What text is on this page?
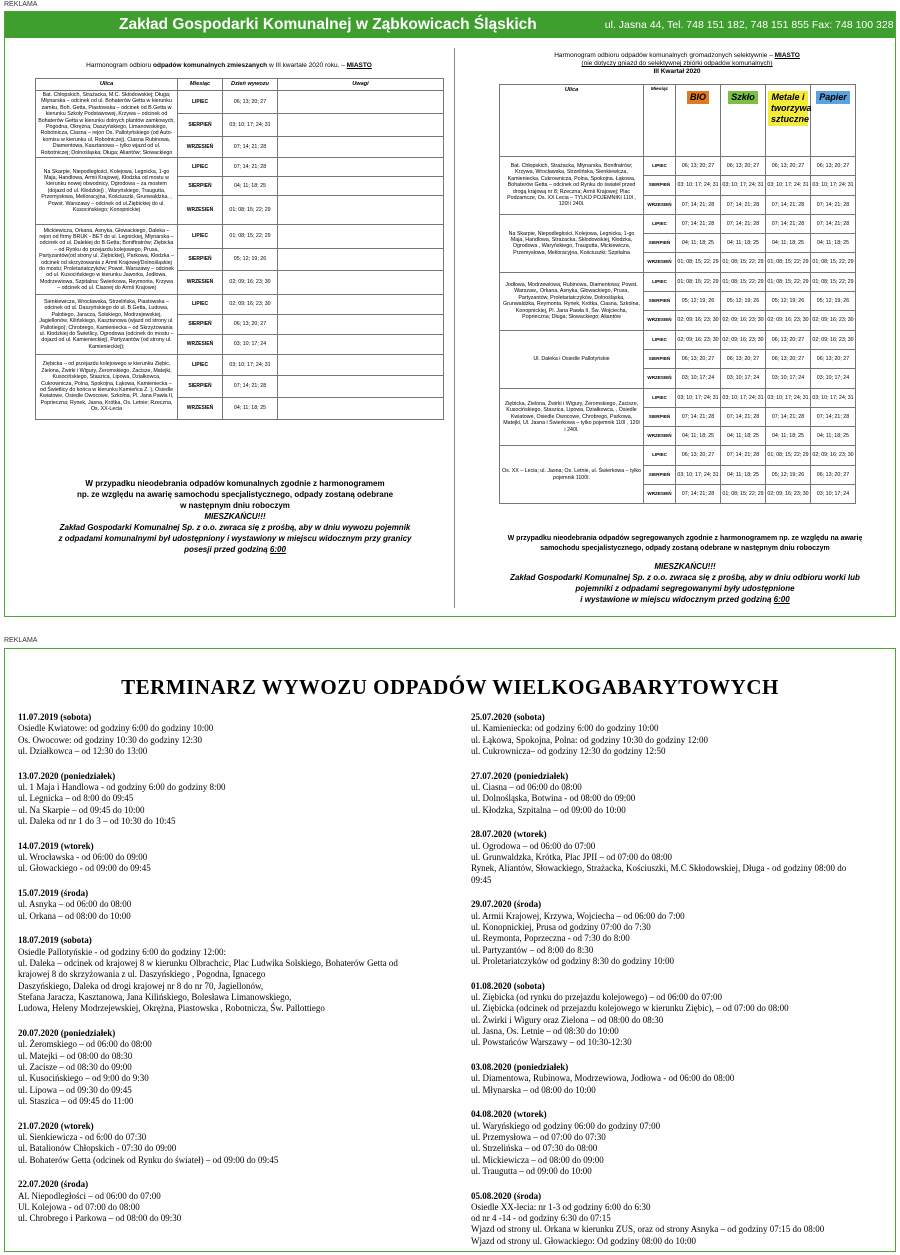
REKLAMA
Zakład Gospodarki Komunalnej w Ząbkowicach Śląskich	ul. Jasna 44, Tel. 748 151 182, 748 151 855 Fax: 748 100 328
Harmonogram odbioru odpadów komunalnych zmieszanych w III kwartale 2020 roku. – MIASTO
Ulica	Miesiąc	Dzień wywozu	Uwagi
Bat. Chłopskich, Strażacka, M.C. Skłodowskiej; Długa; Młynarska – odcinek od ul. Bohaterów Getta w kierunku zamku, Boh. Getta, Piastowska – odcinek od B.Getta w kierunku Szkoły Podstawowej, Krzywa – odcinek od Bohaterów Getta w kierunku dolnych plantów zamkowych, Pogodna, Okrężna, Daszyńskiego, Limanowskiego, Robotnicza, Ciasna – rejon Os. Pallotyńskiego (od Auto-komisu w kierunku ul. Robotniczej), Ciasna Rubinowa, Diamentowa, Kasztanowa – tylko wjazd od ul. Robotniczej; Dolnośląska; Długa; Aliantów; Słowackiego	LIPIEC	06; 13; 20; 27	
	SIERPIEŃ	03; 10; 17; 24; 31	
	WRZESIEŃ	07; 14; 21; 28	
Na Skarpie, Niepodległości, Kolejowa, Legnicka, 1-go Maja, Handlowa, Armii Krajowej, Kłodzka od mostu w kierunku nowej obwodnicy, Ogrodowa – za mostem (dojazd od ul. Kłodzkiej) , Waryńskiego, Traugutta, Przemysłowa, Melioracyjna, Kościuszki, Grunwaldzka, , Powst. Warszawy – odcinek od ul.Ziębickiej do ul. Kusocińskiego; Konopnickiej	LIPIEC	07; 14; 21; 28	
	SIERPIEŃ	04; 11; 18; 25	
	WRZESIEŃ	01; 08; 15; 22; 29	
Mickiewicza, Orkana, Asnyka, Głowackiego, Daleka – rejon od firmy BRUK - BET do ul. Legnickiej, Młynarska – odcinek od ul. Dalekiej do B.Getta; Boniftratrów; Ziębicka – od Rynku do przejazdu kolejowego, Prusa, Partyzantów(od strony ul. Ziębickiej), Parkowa, Kłodzka – odcinek od skrzyżowania z Armii Krajowej/Dolnośląskiej do mostu; Proletariatczyków; Powst. Warszawy – odcinek od ul. Kusocińskiego w kierunku Jaworka, Jodłowa, Modrzewiowa, Szpitalna; Świerkowa, Reymonta, Krzywa – odcinek od ul. Ciasnej do Armii Krajowej	LIPIEC	01; 08; 15; 22; 29	
	SIERPIEŃ	05; 12; 19; 26	
	WRZESIEŃ	02; 09; 16; 23; 30	
Sienkiewicza, Wrocławska, Strzelińska, Piastowska – odcinek od ul. Daszyńskiego do ul. B.Getta, Ludowa, Palotiego, Jaracza, Sołskiego, Modrzejewskiej, Jagiellonów, Kilińskiego, Kasztanowa (wjazd od strony ul. Pallotiego); Chrobrego, Kamieniecka – od Skrzyżowania ul. Kłodzkiej do Świetlicy, Ogrodowa (odcinek do mostu – dojazd od ul. Kamienieckiej), Partyzantów (od strony ul. Kamienieckiej);	LIPIEC	02; 09; 16; 23; 30	
	SIERPIEŃ	06; 13; 20; 27	
	WRZESIEŃ	03; 10; 17; 24	
Ziębicka – od przejazdu kolejowego w kierunku Ziębic, Zielona, Żwirki i Wigury, Żeromskiego, Zacisze, Matejki, Kusocińskiego, Staszica, Lipowa, Działkowca, Cukrownicza, Polna, Spokojna, Łąkowa, Kamieniecka – od Świetlicy do końca w kierunku Kamieńca Z. ), Osiedle Kwiatowe, Osiedle Owocowe, Szkolna, Pl. Jana Pawła II, Popriecznа; Rynek, Jasna, Krótka, Os. Letnie; Rzeczna, Os. XX-Lecia	LIPIEC	03; 10; 17; 24; 31	
	SIERPIEŃ	07; 14; 21; 28	
	WRZESIEŃ	04; 11; 18; 25	
W przypadku nieodebrania odpadów komunalnych zgodnie z harmonogramem
np. ze względu na awarię samochodu specjalistycznego, odpady zostaną odebrane
w następnym dniu roboczym
MIESZKAŃCU!!!
Zakład Gospodarki Komunalnej Sp. z o.o. zwraca się z prośbą, aby w dniu wywozu pojemnik
z odpadami komunalnymi był udostępniony i wystawiony w miejscu widocznym przy granicy
posesji przed godziną 6:00
Harmonogram odbioru odpadów komunalnych gromadzonych selektywnie – MIASTO
(nie dotyczy gniazd do selektywnej zbiórki odpadów komunalnych)
III Kwartał 2020
Ulica	Miesiąc	BIO	Szkło	Metale i tworzywa sztuczne	Papier
Bat. Chłopskich, Strażacka, Młynarska, Bonifratrów; Krzywa, Wrocławska, Strzelińska, Sienkiewicza, Kamieniecka, Cukrownicza, Polna, Spokojna. Łąkowa, Bohaterów Getta – odcinek od Rynku do świateł przed drogą krajową nr 8; Rzeczna; Armii Krajowej; Plac Podzamcze, Os. XX Lecia – TYLKO POJEMNIKI 110l , 120l i 240l.	LIPIEC	06; 13; 20; 27	06; 13; 20; 27	06; 13; 20; 27	06; 13; 20; 27
	SIERPIEŃ	03; 10; 17; 24; 31	03; 10; 17; 24; 31	03; 10; 17; 24; 31	03; 10; 17; 24; 31
	WRZESIEŃ	07; 14; 21; 28	07; 14; 21; 28	07; 14; 21; 28	07; 14; 21; 28
Na Skarpie, Niepodległości, Kolejowa, Legnicka, 1-go Maja, Handlowa, Strażacka, Skłodowskiej, Kłodzka, Ogrodowa , Waryńskiego, Traugutta, Mickiewicza, Przemysłowa, Melioracyjna, Kościuszki; Szpitalna	LIPIEC	07; 14; 21; 28	07; 14; 21; 28	07; 14; 21; 28	07; 14; 21; 28
	SIERPIEŃ	04; 11; 18; 25	04; 11; 18; 25	04; 11; 18; 25	04; 11; 18; 25
	WRZESIEŃ	01; 08; 15; 22; 29	01; 08; 15; 22; 29	01; 08; 15; 22; 29	01; 08; 15; 22; 29
Jodłowa, Modrzewiowa, Rubinowa, Diamentowa; Powst. Warszaw,, Orkana, Asnyka, Głowackiego, Prusa, Partyzantów, Proletariatczyków, Dolnośląska, Grunwaldzka, Reymonta. Rynek, Krótka, Ciasna, Szkolna, Konopnickiej, Pl. Jana Pawła II, Św. Wojciecha, Popriecznа; Długa; Słowackiego; Aliantów	LIPIEC	01; 08; 15; 22; 29	01; 08; 15; 22; 29	01; 08; 15; 22; 29	01; 08; 15; 22; 29
	SIERPIEŃ	05; 12; 19; 26	05; 12; 19; 26	05; 12; 19; 26	05; 12; 19; 26
	WRZESIEŃ	02; 09; 16; 23; 30	02; 09; 16; 23; 30	02; 09; 16; 23; 30	02; 09; 16; 23; 30
Ul. Daleka i Osiedle Pallotyńskie	LIPIEC	02; 09; 16; 23; 30	02; 09; 16; 23; 30	06; 13; 20; 27	02; 09; 16; 23; 30
	SIERPIEŃ	06; 13; 20; 27	06; 13; 20; 27	06; 13; 20; 27	06; 13; 20; 27
	WRZESIEŃ	03; 10; 17; 24	03; 10; 17; 24	03; 10; 17; 24	03; 10; 17; 24
Ziębicka, Zielona, Żwirki i Wigury, Żeromskiego, Zacisze, Kusocińskiego, Staszica, Lipowa, Działkowca, , Osiedle Kwiatowe, Osiedle Owocowe, Chrobrego, Parkowa, Matejki, Ul. Jasna i Świerkowa – tylko pojemnik 110l , 120l i 240l.	LIPIEC	03; 10; 17; 24; 31	03; 10; 17; 24; 31	03; 10; 17; 24; 31	03; 10; 17; 24; 31
	SIERPIEŃ	07; 14; 21; 28	07; 14; 21; 28	07; 14; 21; 28	07; 14; 21; 28
	WRZESIEŃ	04; 11; 18; 25	04; 11; 18; 25	04; 11; 18; 25	04; 11; 18; 25
Os. XX – Lecia; ul. Jasna; Os. Letnie, ul. Świerkowa – tylko pojemnik 1100l.	LIPIEC	06; 13; 20; 27	07; 14; 21; 28	01; 08; 15; 22; 29	02; 09; 16; 23; 30
	SIERPIEŃ	03; 10; 17; 24; 31	04; 11; 18; 25	05; 12; 19; 26	06; 13; 20; 27
	WRZESIEŃ	07; 14; 21; 28	01; 08; 15; 22; 29	02; 09; 16; 23; 30	03; 10; 17; 24
W przypadku nieodebrania odpadów segregowanych zgodnie z harmonogramem np. ze względu na awarię
samochodu specjalistycznego, odpady zostaną odebrane w następnym dniu roboczym
MIESZKAŃCU!!!
Zakład Gospodarki Komunalnej Sp. z o.o. zwraca się z prośbą, aby w dniu odbioru worki lub
pojemniki z odpadami segregowanymi były udostępnione
i wystawione w miejscu widocznym przed godziną 6:00
REKLAMA
TERMINARZ WYWOZU ODPADÓW WIELKOGABARYTOWYCH
11.07.2019 (sobota)
Osiedle Kwiatowe: od godziny 6:00 do godziny 10:00
Os. Owocowe: od godziny 10:30 do godziny 12:30
ul. Działkowca – od 12:30 do 13:00
13.07.2020 (poniedziałek)
ul. 1 Maja i Handlowa - od godziny 6:00 do godziny 8:00
ul. Legnicka – od 8:00 do 09:45
ul. Na Skarpie – od 09:45 do 10:00
ul. Daleka od nr 1 do 3 – od 10:30 do 10:45
14.07.2019 (wtorek)
ul. Wrocławska - od 06:00 do 09:00
ul. Głowackiego - od 09:00 do 09:45
15.07.2019 (środa)
ul. Asnyka – od 06:00 do 08:00
ul. Orkana – od 08:00 do 10:00
18.07.2019 (sobota)
Osiedle Pallotyńskie - od godziny 6:00 do godziny 12:00:
ul. Daleka – odcinek od krajowej 8 w kierunku Olbrachcic, Plac Ludwika Solskiego, Bohaterów Getta od
krajowej 8 do skrzyżowania z ul. Daszyńskiego , Pogodna, Ignacego
Daszyńskiego, Daleka od drogi krajowej nr 8 do nr 70, Jagiellonów,
Stefana Jaracza, Kasztanowa, Jana Kilińskiego, Bolesława Limanowskiego,
Ludowa, Heleny Modrzejewskiej, Okrężna, Piastowska , Robotnicza, Św. Pallottiego
20.07.2020 (poniedziałek)
ul. Żeromskiego – od 06:00 do 08:00
ul. Matejki – od 08:00 do 08:30
ul. Zacisze – od 08:30 do 09:00
ul. Kusocińskiego – od 9:00 do 9:30
ul. Lipowa – od 09:30 do 09:45
ul. Staszica – od 09:45 do 11:00
21.07.2020 (wtorek)
ul. Sienkiewicza - od 6:00 do 07:30
ul. Batalionów Chłopskich - 07:30 do 09:00
ul. Bohaterów Getta (odcinek od Rynku do świateł) – od 09:00 do 09:45
22.07.2020 (środa)
Al. Niepodległości – od 06:00 do 07:00
Ul. Kolejowa - od 07:00 do 08:00
ul. Chrobrego i Parkowa – od 08:00 do 09:30
25.07.2020 (sobota)
ul. Kamieniecka: od godziny 6:00 do godziny 10:00
ul. Łąkowa, Spokojna, Polna: od godziny 10:30 do godziny 12:00
ul. Cukrownicza– od godziny 12:30 do godziny 12:50
27.07.2020 (poniedziałek)
ul. Ciasna – od 06:00 do 08:00
ul. Dolnośląska, Botwina - od 08:00 do 09:00
ul. Kłodzka, Szpitalna – od 09:00 do 10:00
28.07.2020 (wtorek)
ul. Ogrodowa – od 06:00 do 07:00
ul. Grunwaldzka, Krótka, Plac JPII – od 07:00 do 08:00
Rynek, Aliantów, Słowackiego, Strażacka, Kościuszki, M.C Skłodowskiej, Długa - od godziny 08:00 do
09:45
29.07.2020 (środa)
ul. Armii Krajowej, Krzywa, Wojciecha – od 06:00 do 7:00
ul. Konopnickiej, Prusa od godziny 07:00 do 7:30
ul. Reymonta, Poprzeczna - od 7:30 do 8:00
ul. Partyzantów – od 8:00 do 8:30
ul. Proletariatczyków od godziny 8:30 do godziny 10:00
01.08.2020 (sobota)
ul. Ziębicka (od rynku do przejazdu kolejowego) – od 06:00 do 07:00
ul. Ziębicka (odcinek od przejazdu kolejowego w kierunku Ziębic), – od 07:00 do 08:00
ul. Żwirki i Wigury oraz Zielona – od 08:00 do 08:30
ul. Jasna, Os. Letnie – od 08:30 do 10:00
ul. Powstańców Warszawy – od 10:30-12:30
03.08.2020 (poniedziałek)
ul. Diamentowa, Rubinowa, Modrzewiowa, Jodłowa - od 06:00 do 08:00
ul. Młynarska – od 08:00 do 10:00
04.08.2020 (wtorek)
ul. Waryńskiego od godziny 06:00 do godziny 07:00
ul. Przemysłowa – od 07:00 do 07:30
ul. Strzelińska – od 07:30 do 08:00
ul. Mickiewicza – od 08:00 do 09:00
ul. Traugutta – od 09:00 do 10:00
05.08.2020 (środa)
Osiedle XX-lecia: nr 1-3 od godziny 6:00 do 6:30
od nr 4 -14 - od godziny 6:30 do 07:15
Wjazd od strony ul. Orkana w kierunku ZUS, oraz od strony Asnyka – od godziny 07:15 do 08:00
Wjazd od strony ul. Głowackiego: Od godziny 08:00 do 10:00
